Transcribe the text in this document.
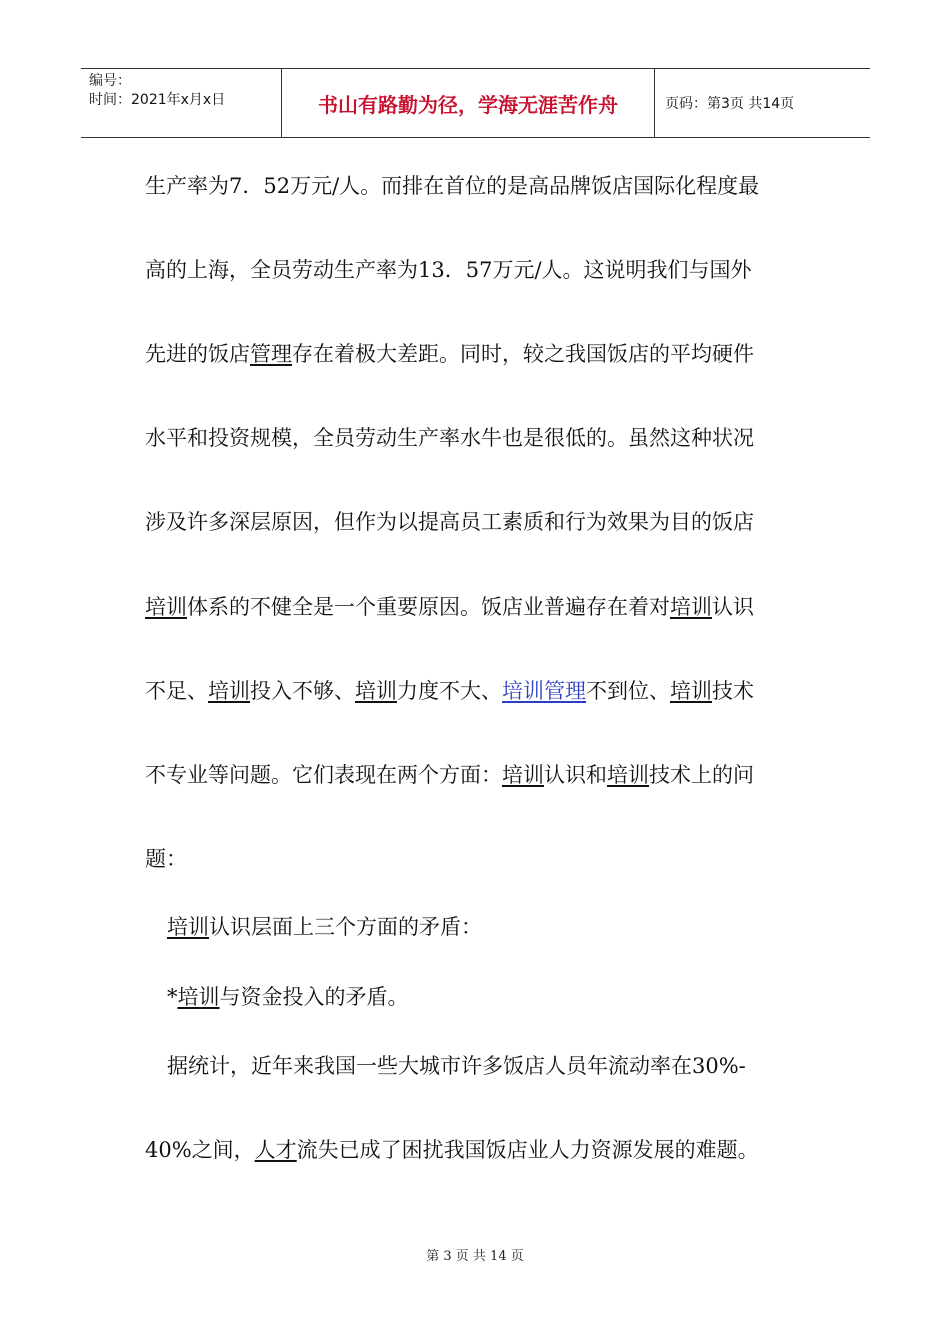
编号：
时间：2021年x月x日	书山有路勤为径，学海无涯苦作舟	页码：第3页 共14页
生产率为7．52万元/人。而排在首位的是高品牌饭店国际化程度最
高的上海，全员劳动生产率为13．57万元/人。这说明我们与国外
先进的饭店管理存在着极大差距。同时，较之我国饭店的平均硬件
水平和投资规模，全员劳动生产率水牛也是很低的。虽然这种状况
涉及许多深层原因，但作为以提高员工素质和行为效果为目的饭店
培训体系的不健全是一个重要原因。饭店业普遍存在着对培训认识
不足、培训投入不够、培训力度不大、培训管理不到位、培训技术
不专业等问题。它们表现在两个方面：培训认识和培训技术上的问
题：
培训认识层面上三个方面的矛盾：
*培训与资金投入的矛盾。
据统计，近年来我国一些大城市许多饭店人员年流动率在30%-
40%之间，人才流失已成了困扰我国饭店业人力资源发展的难题。
第 3 页 共 14 页
